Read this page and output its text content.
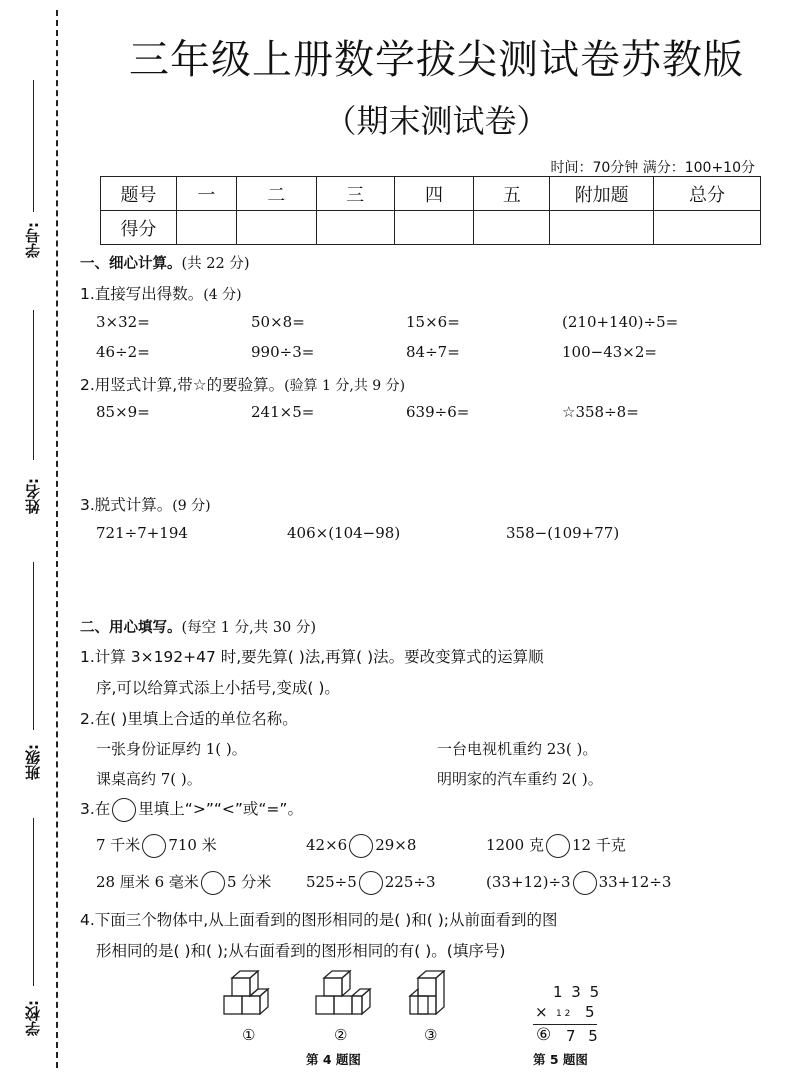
学号:
姓名:
班级:
学校:
三年级上册数学拔尖测试卷苏教版
（期末测试卷）
时间：70分钟 满分：100+10分
题号	一	二	三	四	五	附加题	总分
得分							
一、细心计算。(共 22 分)
1.直接写出得数。(4 分)
3×32=	50×8=	15×6=	(210+140)÷5=
46÷2=	990÷3=	84÷7=	100−43×2=
2.用竖式计算,带☆的要验算。(验算 1 分,共 9 分)
85×9=	241×5=	639÷6=	☆358÷8=
3.脱式计算。(9 分)
721÷7+194	406×(104−98)	358−(109+77)
二、用心填写。(每空 1 分,共 30 分)
1.计算 3×192+47 时,要先算( )法,再算( )法。要改变算式的运算顺
序,可以给算式添上小括号,变成( )。
2.在( )里填上合适的单位名称。
一张身份证厚约 1( )。	一台电视机重约 23( )。
课桌高约 7( )。	明明家的汽车重约 2( )。
3.在 里填上“>”“<”或“=”。
7 千米 710 米	42×6 29×8	1200 克 12 千克
28 厘米 6 毫米 5 分米 525÷5 225÷3	(33+12)÷3 33+12÷3
4.下面三个物体中,从上面看到的图形相同的是( )和( );从前面看到的图
形相同的是( )和( );从右面看到的图形相同的有( )。(填序号)
①	②	③
第 4 题图
1 3 5
× 1 2 5
⑥ 7 5
第 5 题图
